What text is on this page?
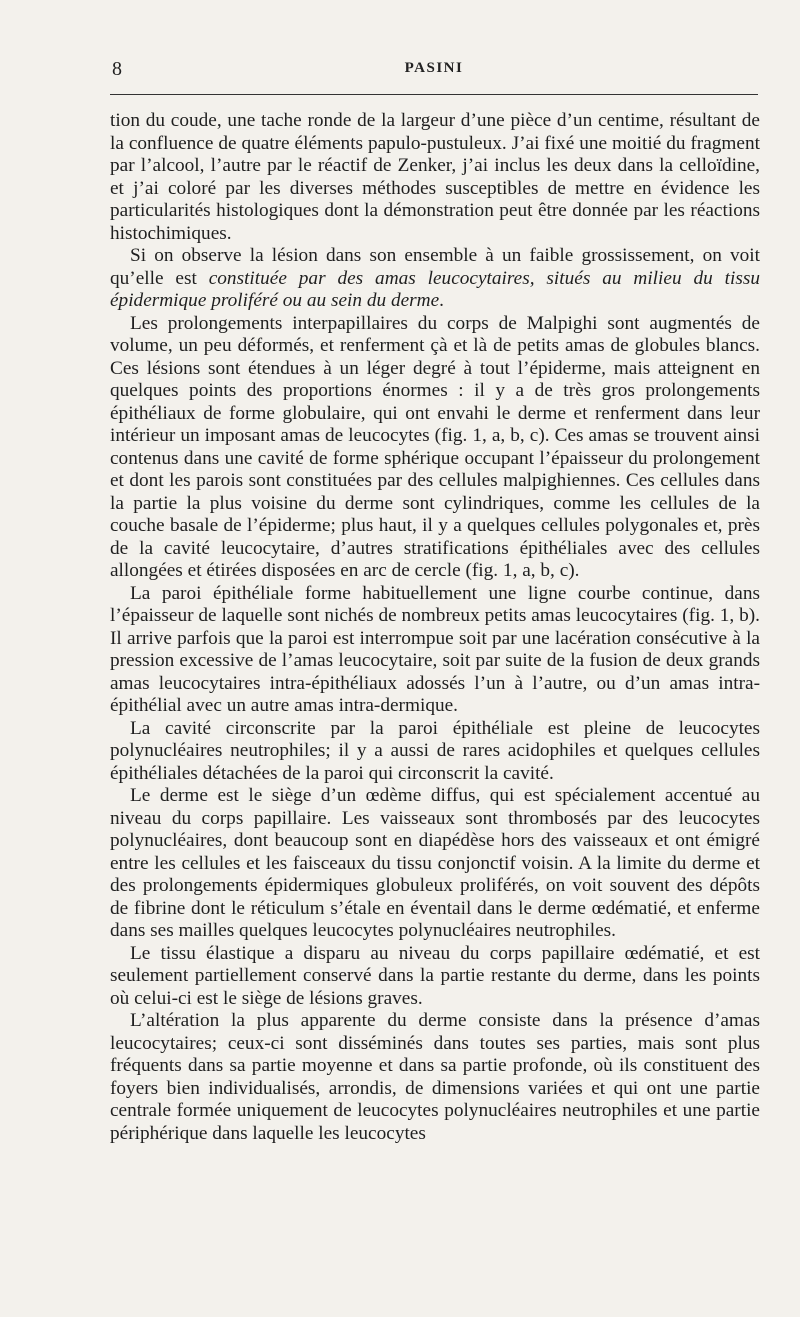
8	PASINI

tion du coude, une tache ronde de la largeur d’une pièce d’un centime, résultant de la confluence de quatre éléments papulo-pustuleux. J’ai fixé une moitié du fragment par l’alcool, l’autre par le réactif de Zenker, j’ai inclus les deux dans la celloïdine, et j’ai coloré par les diverses méthodes susceptibles de mettre en évidence les particularités histologiques dont la démonstration peut être donnée par les réactions histochimiques.

Si on observe la lésion dans son ensemble à un faible grossissement, on voit qu’elle est constituée par des amas leucocytaires, situés au milieu du tissu épidermique proliféré ou au sein du derme.

Les prolongements interpapillaires du corps de Malpighi sont augmentés de volume, un peu déformés, et renferment çà et là de petits amas de globules blancs. Ces lésions sont étendues à un léger degré à tout l’épiderme, mais atteignent en quelques points des proportions énormes : il y a de très gros prolongements épithéliaux de forme globulaire, qui ont envahi le derme et renferment dans leur intérieur un imposant amas de leucocytes (fig. 1, a, b, c). Ces amas se trouvent ainsi contenus dans une cavité de forme sphérique occupant l’épaisseur du prolongement et dont les parois sont constituées par des cellules malpighiennes. Ces cellules dans la partie la plus voisine du derme sont cylindriques, comme les cellules de la couche basale de l’épiderme; plus haut, il y a quelques cellules polygonales et, près de la cavité leucocytaire, d’autres stratifications épithéliales avec des cellules allongées et étirées disposées en arc de cercle (fig. 1, a, b, c).

La paroi épithéliale forme habituellement une ligne courbe continue, dans l’épaisseur de laquelle sont nichés de nombreux petits amas leucocytaires (fig. 1, b). Il arrive parfois que la paroi est interrompue soit par une lacération consécutive à la pression excessive de l’amas leucocytaire, soit par suite de la fusion de deux grands amas leucocytaires intra-épithéliaux adossés l’un à l’autre, ou d’un amas intra-épithélial avec un autre amas intra-dermique.

La cavité circonscrite par la paroi épithéliale est pleine de leucocytes polynucléaires neutrophiles; il y a aussi de rares acidophiles et quelques cellules épithéliales détachées de la paroi qui circonscrit la cavité.

Le derme est le siège d’un œdème diffus, qui est spécialement accentué au niveau du corps papillaire. Les vaisseaux sont thrombosés par des leucocytes polynucléaires, dont beaucoup sont en diapédèse hors des vaisseaux et ont émigré entre les cellules et les faisceaux du tissu conjonctif voisin. A la limite du derme et des prolongements épidermiques globuleux proliférés, on voit souvent des dépôts de fibrine dont le réticulum s’étale en éventail dans le derme œdématié, et enferme dans ses mailles quelques leucocytes polynucléaires neutrophiles.

Le tissu élastique a disparu au niveau du corps papillaire œdématié, et est seulement partiellement conservé dans la partie restante du derme, dans les points où celui-ci est le siège de lésions graves.

L’altération la plus apparente du derme consiste dans la présence d’amas leucocytaires; ceux-ci sont disséminés dans toutes ses parties, mais sont plus fréquents dans sa partie moyenne et dans sa partie profonde, où ils constituent des foyers bien individualisés, arrondis, de dimensions variées et qui ont une partie centrale formée uniquement de leucocytes polynucléaires neutrophiles et une partie périphérique dans laquelle les leucocytes
